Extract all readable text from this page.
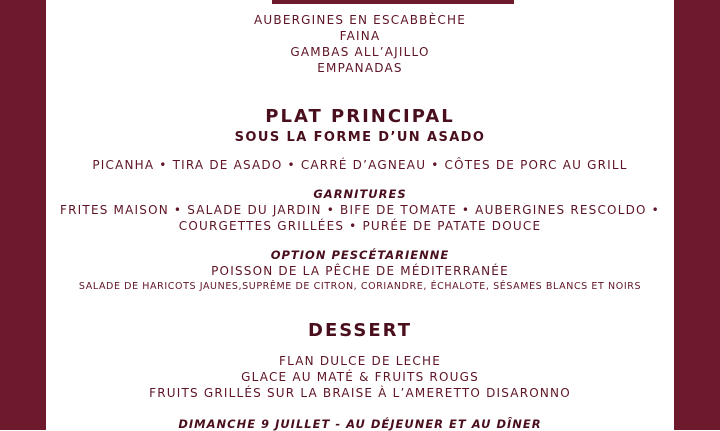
AUBERGINES EN ESCABBÈCHE
FAINA
GAMBAS ALL’AJILLO
EMPANADAS
PLAT PRINCIPAL
SOUS LA FORME D’UN ASADO
PICANHA • TIRA DE ASADO • CARRÉ D’AGNEAU • CÔTES DE PORC AU GRILL
GARNITURES
FRITES MAISON • SALADE DU JARDIN • BIFE DE TOMATE • AUBERGINES RESCOLDO •
COURGETTES GRILLÉES • PURÉE DE PATATE DOUCE
OPTION PESCÉTARIENNE
POISSON DE LA PÊCHE DE MÉDITERRANÉE
SALADE DE HARICOTS JAUNES,SUPRÊME DE CITRON, CORIANDRE, ÉCHALOTE, SÉSAMES BLANCS ET NOIRS
DESSERT
FLAN DULCE DE LECHE
GLACE AU MATÉ & FRUITS ROUGS
FRUITS GRILLÉS SUR LA BRAISE À L’AMERETTO DISARONNO
DIMANCHE 9 JUILLET - AU DÉJEUNER ET AU DÎNER
